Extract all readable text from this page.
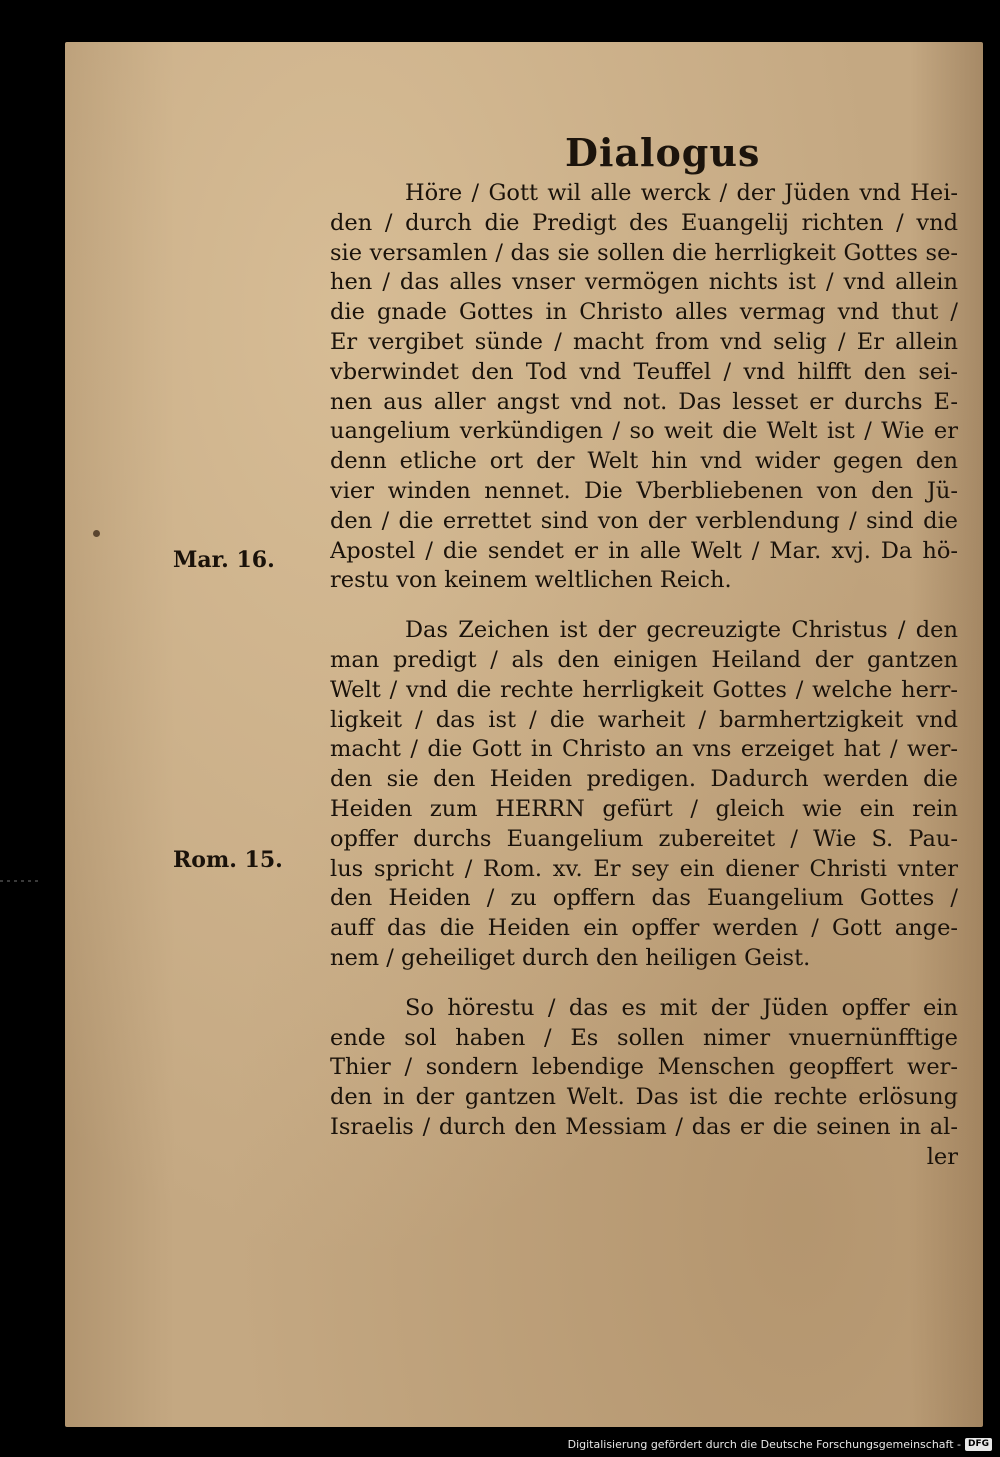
Dialogus
Mar. 16.
Rom. 15.

Höre / Gott wil alle werck / der Jüden vnd Hei-
den / durch die Predigt des Euangelij richten / vnd
sie versamlen / das sie sollen die herrligkeit Gottes se-
hen / das alles vnser vermögen nichts ist / vnd allein
die gnade Gottes in Christo alles vermag vnd thut /
Er vergibet sünde / macht from vnd selig / Er allein
vberwindet den Tod vnd Teuffel / vnd hilfft den sei-
nen aus aller angst vnd not. Das lesset er durchs E-
uangelium verkündigen / so weit die Welt ist / Wie er
denn etliche ort der Welt hin vnd wider gegen den
vier winden nennet. Die Vberbliebenen von den Jü-
den / die errettet sind von der verblendung / sind die
Apostel / die sendet er in alle Welt / Mar. xvj. Da hö-
restu von keinem weltlichen Reich.

Das Zeichen ist der gecreuzigte Christus / den
man predigt / als den einigen Heiland der gantzen
Welt / vnd die rechte herrligkeit Gottes / welche herr-
ligkeit / das ist / die warheit / barmhertzigkeit vnd
macht / die Gott in Christo an vns erzeiget hat / wer-
den sie den Heiden predigen. Dadurch werden die
Heiden zum HERRN gefürt / gleich wie ein rein
opffer durchs Euangelium zubereitet / Wie S. Pau-
lus spricht / Rom. xv. Er sey ein diener Christi vnter
den Heiden / zu opffern das Euangelium Gottes /
auff das die Heiden ein opffer werden / Gott ange-
nem / geheiliget durch den heiligen Geist.

So hörestu / das es mit der Jüden opffer ein
ende sol haben / Es sollen nimer vnuernünfftige
Thier / sondern lebendige Menschen geopffert wer-
den in der gantzen Welt. Das ist die rechte erlösung
Israelis / durch den Messiam / das er die seinen in al-
ler

Digitalisierung gefördert durch die Deutsche Forschungsgemeinschaft - DFG
